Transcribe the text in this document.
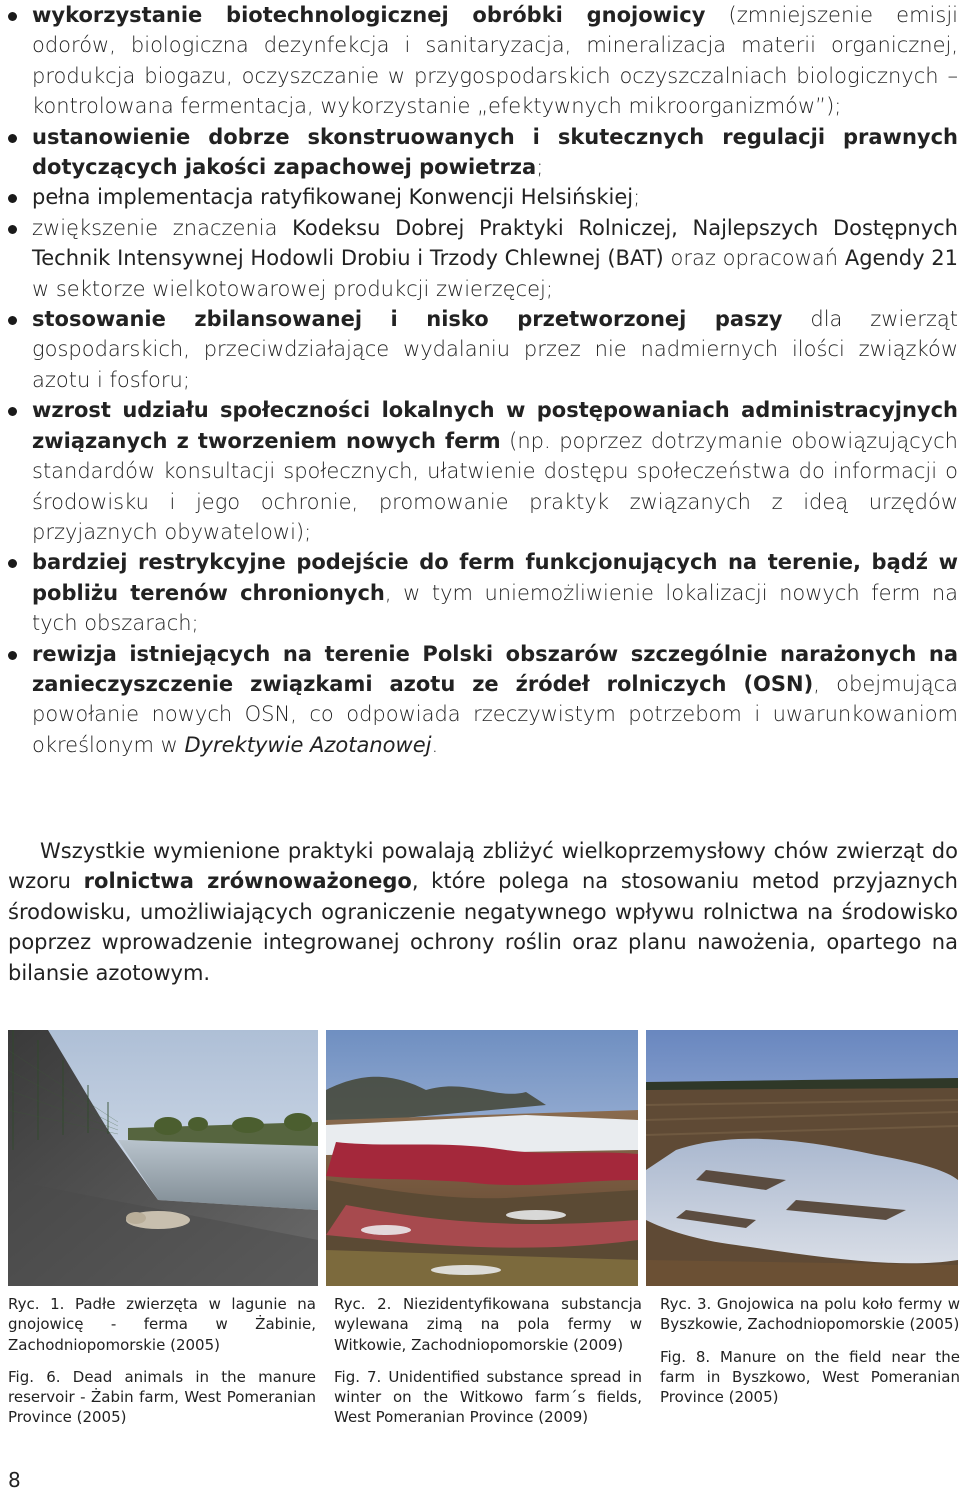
wykorzystanie biotechnologicznej obróbki gnojowicy (zmniejszenie emisji odorów, biologiczna dezynfekcja i sanitaryzacja, mineralizacja materii organicznej, produkcja biogazu, oczyszczanie w przygospodarskich oczyszczalniach biologicznych – kontrolowana fermentacja, wykorzystanie „efektywnych mikroorganizmów”);
ustanowienie dobrze skonstruowanych i skutecznych regulacji prawnych dotyczących jakości zapachowej powietrza;
pełna implementacja ratyfikowanej Konwencji Helsińskiej;
zwiększenie znaczenia Kodeksu Dobrej Praktyki Rolniczej, Najlepszych Dostępnych Technik Intensywnej Hodowli Drobiu i Trzody Chlewnej (BAT) oraz opracowań Agendy 21 w sektorze wielkotowarowej produkcji zwierzęcej;
stosowanie zbilansowanej i nisko przetworzonej paszy dla zwierząt gospodarskich, przeciwdziałające wydalaniu przez nie nadmiernych ilości związków azotu i fosforu;
wzrost udziału społeczności lokalnych w postępowaniach administracyjnych związanych z tworzeniem nowych ferm (np. poprzez dotrzymanie obowiązujących standardów konsultacji społecznych, ułatwienie dostępu społeczeństwa do informacji o środowisku i jego ochronie, promowanie praktyk związanych z ideą urzędów przyjaznych obywatelowi);
bardziej restrykcyjne podejście do ferm funkcjonujących na terenie, bądź w pobliżu terenów chronionych, w tym uniemożliwienie lokalizacji nowych ferm na tych obszarach;
rewizja istniejących na terenie Polski obszarów szczególnie narażonych na zanieczyszczenie związkami azotu ze źródeł rolniczych (OSN), obejmująca powołanie nowych OSN, co odpowiada rzeczywistym potrzebom i uwarunkowaniom określonym w Dyrektywie Azotanowej.

Wszystkie wymienione praktyki powalają zbliżyć wielkoprzemysłowy chów zwierząt do wzoru rolnictwa zrównoważonego, które polega na stosowaniu metod przyjaznych środowisku, umożliwiających ograniczenie negatywnego wpływu rolnictwa na środowisko poprzez wprowadzenie integrowanej ochrony roślin oraz planu nawożenia, opartego na bilansie azotowym.

Ryc. 1. Padłe zwierzęta w lagunie na gnojowicę - ferma w Żabinie, Zachodniopomorskie (2005)

Fig. 6. Dead animals in the manure reservoir - Żabin farm, West Pomeranian Province (2005)

Ryc. 2. Niezidentyfikowana substancja wylewana zimą na pola fermy w Witkowie, Zachodniopomorskie (2009)

Fig. 7. Unidentified substance spread in winter on the Witkowo farm´s fields, West Pomeranian Province (2009)

Ryc. 3. Gnojowica na polu koło fermy w Byszkowie, Zachodniopomorskie (2005)

Fig. 8. Manure on the field near the farm in Byszkowo, West Pomeranian Province (2005)

8
